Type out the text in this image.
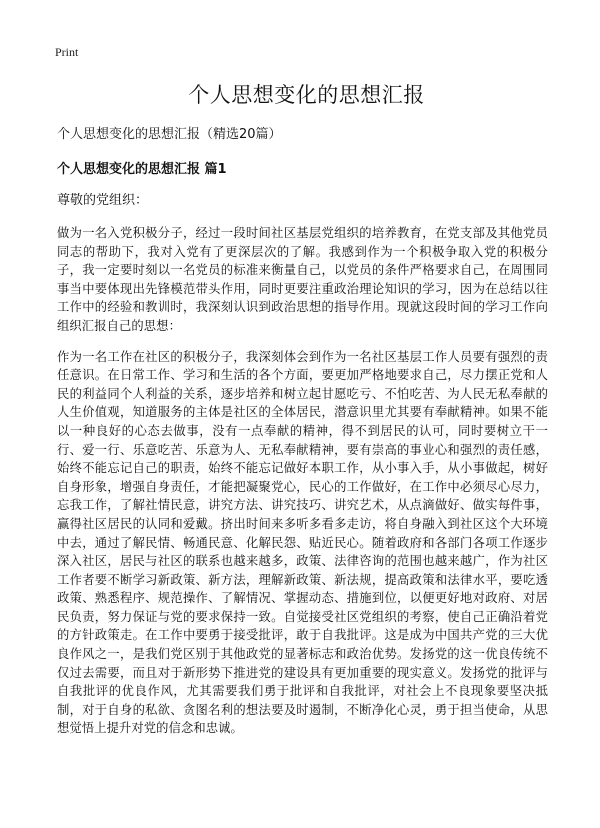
Print
个人思想变化的思想汇报

个人思想变化的思想汇报（精选20篇）

个人思想变化的思想汇报 篇1

尊敬的党组织：

做为一名入党积极分子，经过一段时间社区基层党组织的培养教育，在党支部及其他党员同志的帮助下，我对入党有了更深层次的了解。我感到作为一个积极争取入党的积极分子，我一定要时刻以一名党员的标准来衡量自己，以党员的条件严格要求自己，在周围同事当中要体现出先锋模范带头作用，同时更要注重政治理论知识的学习，因为在总结以往工作中的经验和教训时，我深刻认识到政治思想的指导作用。现就这段时间的学习工作向组织汇报自己的思想：

作为一名工作在社区的积极分子，我深刻体会到作为一名社区基层工作人员要有强烈的责任意识。在日常工作、学习和生活的各个方面，要更加严格地要求自己，尽力摆正党和人民的利益同个人利益的关系，逐步培养和树立起甘愿吃亏、不怕吃苦、为人民无私奉献的人生价值观，知道服务的主体是社区的全体居民，潜意识里尤其要有奉献精神。如果不能以一种良好的心态去做事，没有一点奉献的精神，得不到居民的认可，同时要树立干一行、爱一行、乐意吃苦、乐意为人、无私奉献精神，要有崇高的事业心和强烈的责任感，始终不能忘记自己的职责，始终不能忘记做好本职工作，从小事入手，从小事做起，树好自身形象，增强自身责任，才能把凝聚党心，民心的工作做好，在工作中必须尽心尽力，忘我工作，了解社情民意，讲究方法、讲究技巧、讲究艺术，从点滴做好、做实每件事，赢得社区居民的认同和爱戴。挤出时间来多听多看多走访，将自身融入到社区这个大环境中去，通过了解民情、畅通民意、化解民怨、贴近民心。随着政府和各部门各项工作逐步深入社区，居民与社区的联系也越来越多，政策、法律咨询的范围也越来越广，作为社区工作者要不断学习新政策、新方法，理解新政策、新法规，提高政策和法律水平，要吃透政策、熟悉程序、规范操作、了解情况、掌握动态、措施到位，以便更好地对政府、对居民负责，努力保证与党的要求保持一致。自觉接受社区党组织的考察，使自己正确沿着党的方针政策走。在工作中要勇于接受批评，敢于自我批评。这是成为中国共产党的三大优良作风之一，是我们党区别于其他政党的显著标志和政治优势。发扬党的这一优良传统不仅过去需要，而且对于新形势下推进党的建设具有更加重要的现实意义。发扬党的批评与自我批评的优良作风，尤其需要我们勇于批评和自我批评，对社会上不良现象要坚决抵制，对于自身的私欲、贪图名利的想法要及时遏制，不断净化心灵，勇于担当使命，从思想觉悟上提升对党的信念和忠诚。
